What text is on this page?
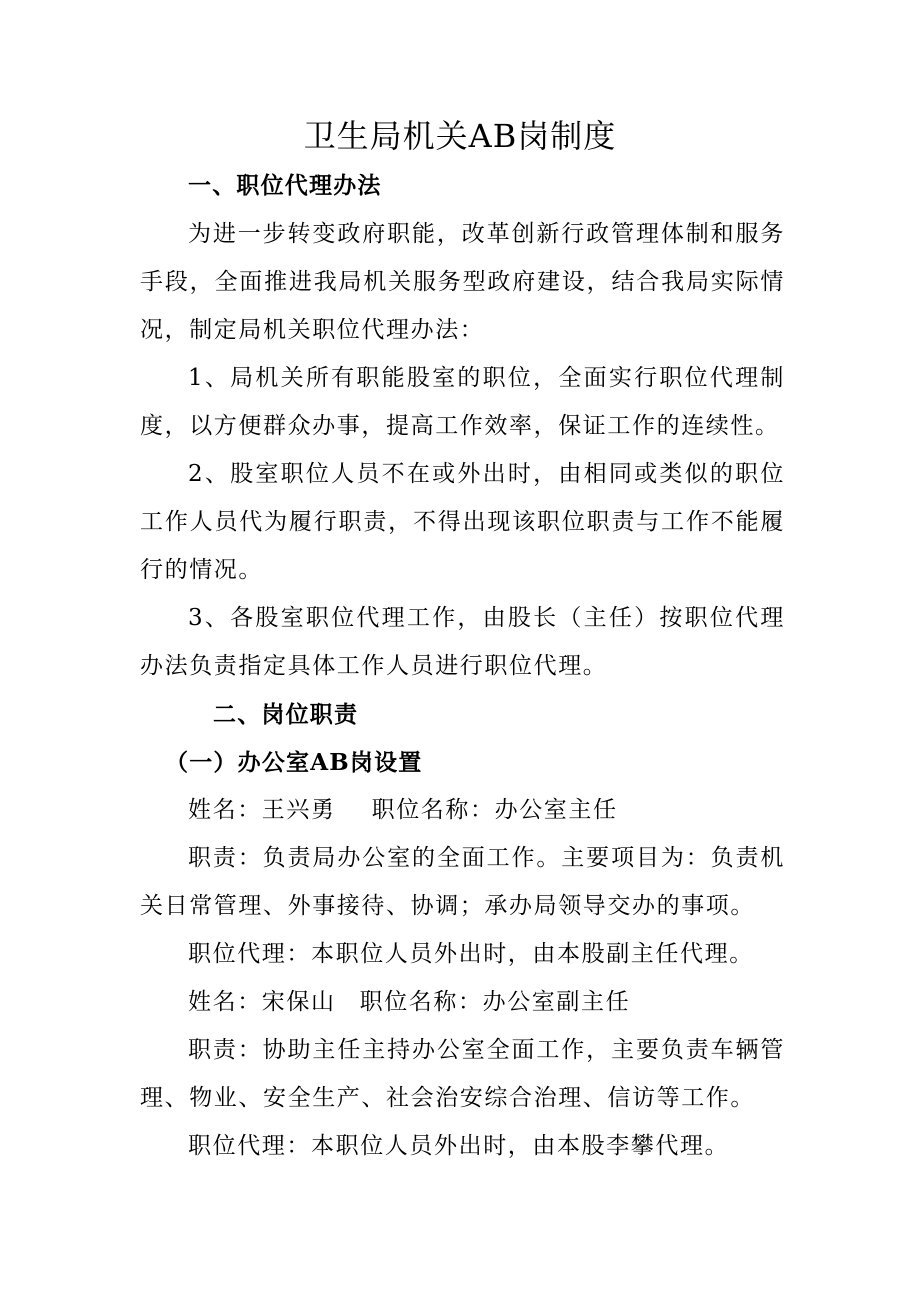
卫生局机关AB岗制度

一、职位代理办法

为进一步转变政府职能，改革创新行政管理体制和服务手段，全面推进我局机关服务型政府建设，结合我局实际情况，制定局机关职位代理办法：

1、局机关所有职能股室的职位，全面实行职位代理制度，以方便群众办事，提高工作效率，保证工作的连续性。

2、股室职位人员不在或外出时，由相同或类似的职位工作人员代为履行职责，不得出现该职位职责与工作不能履行的情况。

3、各股室职位代理工作，由股长（主任）按职位代理办法负责指定具体工作人员进行职位代理。

二、岗位职责

（一）办公室AB岗设置

姓名：王兴勇 职位名称：办公室主任

职责：负责局办公室的全面工作。主要项目为：负责机关日常管理、外事接待、协调；承办局领导交办的事项。

职位代理：本职位人员外出时，由本股副主任代理。

姓名：宋保山 职位名称：办公室副主任

职责：协助主任主持办公室全面工作，主要负责车辆管理、物业、安全生产、社会治安综合治理、信访等工作。

职位代理：本职位人员外出时，由本股李攀代理。
